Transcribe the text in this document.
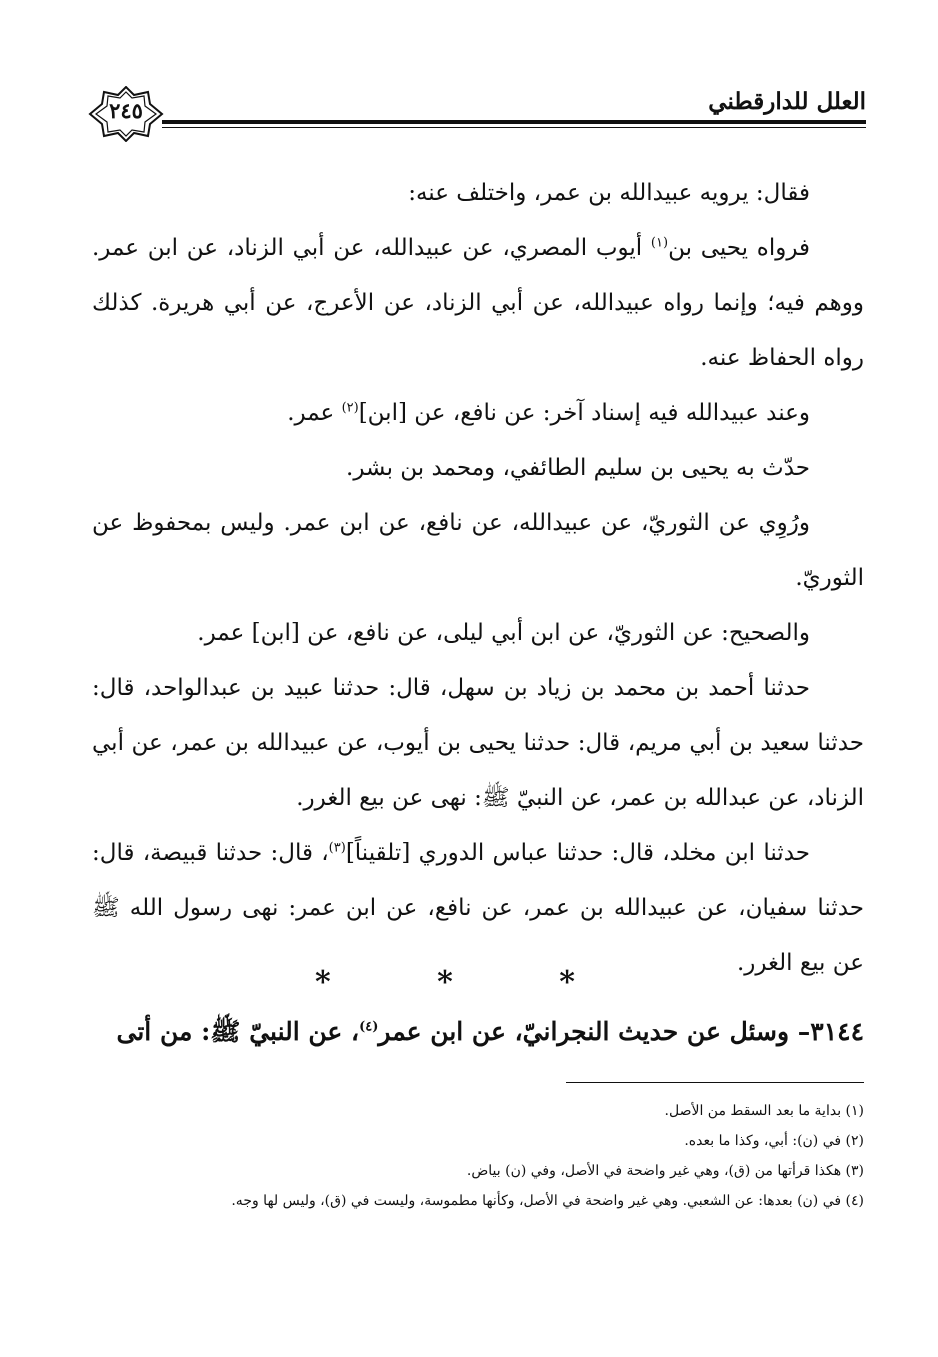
العلل للدارقطني
٢٤٥

فقال: يرويه عبيدالله بن عمر، واختلف عنه:

فرواه يحيى بن$^{(١)}$ أيوب المصري، عن عبيدالله، عن أبي الزناد، عن ابن عمر. ووهم فيه؛ وإنما رواه عبيدالله، عن أبي الزناد، عن الأعرج، عن أبي هريرة. كذلك رواه الحفاظ عنه.

وعند عبيدالله فيه إسناد آخر: عن نافع، عن [ابن]$^{(٢)}$ عمر.

حدّث به يحيى بن سليم الطائفي، ومحمد بن بشر.

ورُوِي عن الثوريّ، عن عبيدالله، عن نافع، عن ابن عمر. وليس بمحفوظ عن الثوريّ.

والصحيح: عن الثوريّ، عن ابن أبي ليلى، عن نافع، عن [ابن] عمر.

حدثنا أحمد بن محمد بن زياد بن سهل، قال: حدثنا عبيد بن عبدالواحد، قال: حدثنا سعيد بن أبي مريم، قال: حدثنا يحيى بن أيوب، عن عبيدالله بن عمر، عن أبي الزناد، عن عبدالله بن عمر، عن النبيّ ﷺ: نهى عن بيع الغرر.

حدثنا ابن مخلد، قال: حدثنا عباس الدوري [تلقيناً]$^{(٣)}$، قال: حدثنا قبيصة، قال: حدثنا سفيان، عن عبيدالله بن عمر، عن نافع، عن ابن عمر: نهى رسول الله ﷺ عن بيع الغرر.

* * *
٣١٤٤– وسئل عن حديث النجرانيّ، عن ابن عمر$^{(٤)}$، عن النبيّ ﷺ: من أتى

(١) بداية ما بعد السقط من الأصل.

(٢) في (ن): أبي، وكذا ما بعده.

(٣) هكذا قرأتها من (ق)، وهي غير واضحة في الأصل، وفي (ن) بياض.

(٤) في (ن) بعدها: عن الشعبي. وهي غير واضحة في الأصل، وكأنها مطموسة، وليست في (ق)، وليس لها وجه.
